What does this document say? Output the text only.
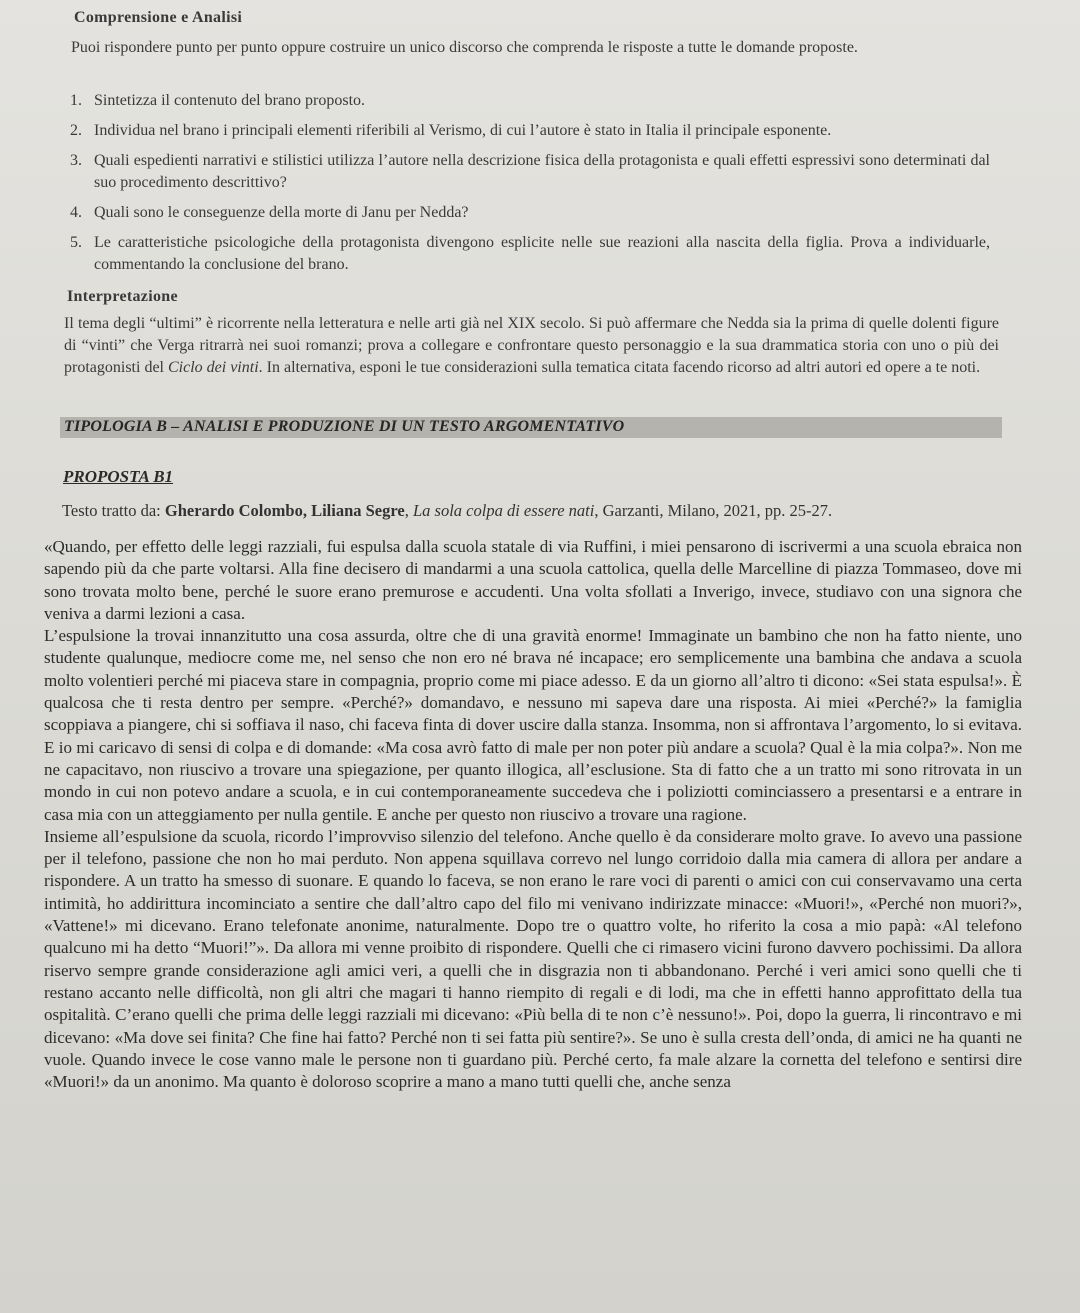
Comprensione e Analisi
Puoi rispondere punto per punto oppure costruire un unico discorso che comprenda le risposte a tutte le domande proposte.
1. Sintetizza il contenuto del brano proposto.
2. Individua nel brano i principali elementi riferibili al Verismo, di cui l’autore è stato in Italia il principale esponente.
3. Quali espedienti narrativi e stilistici utilizza l’autore nella descrizione fisica della protagonista e quali effetti espressivi sono determinati dal suo procedimento descrittivo?
4. Quali sono le conseguenze della morte di Janu per Nedda?
5. Le caratteristiche psicologiche della protagonista divengono esplicite nelle sue reazioni alla nascita della figlia. Prova a individuarle, commentando la conclusione del brano.
Interpretazione
Il tema degli “ultimi” è ricorrente nella letteratura e nelle arti già nel XIX secolo. Si può affermare che Nedda sia la prima di quelle dolenti figure di “vinti” che Verga ritrarrà nei suoi romanzi; prova a collegare e confrontare questo personaggio e la sua drammatica storia con uno o più dei protagonisti del Ciclo dei vinti. In alternativa, esponi le tue considerazioni sulla tematica citata facendo ricorso ad altri autori ed opere a te noti.
TIPOLOGIA B – ANALISI E PRODUZIONE DI UN TESTO ARGOMENTATIVO
PROPOSTA B1
Testo tratto da: Gherardo Colombo, Liliana Segre, La sola colpa di essere nati, Garzanti, Milano, 2021, pp. 25-27.

«Quando, per effetto delle leggi razziali, fui espulsa dalla scuola statale di via Ruffini, i miei pensarono di iscrivermi a una scuola ebraica non sapendo più da che parte voltarsi. Alla fine decisero di mandarmi a una scuola cattolica, quella delle Marcelline di piazza Tommaseo, dove mi sono trovata molto bene, perché le suore erano premurose e accudenti. Una volta sfollati a Inverigo, invece, studiavo con una signora che veniva a darmi lezioni a casa.

L’espulsione la trovai innanzitutto una cosa assurda, oltre che di una gravità enorme! Immaginate un bambino che non ha fatto niente, uno studente qualunque, mediocre come me, nel senso che non ero né brava né incapace; ero semplicemente una bambina che andava a scuola molto volentieri perché mi piaceva stare in compagnia, proprio come mi piace adesso. E da un giorno all’altro ti dicono: «Sei stata espulsa!». È qualcosa che ti resta dentro per sempre. «Perché?» domandavo, e nessuno mi sapeva dare una risposta. Ai miei «Perché?» la famiglia scoppiava a piangere, chi si soffiava il naso, chi faceva finta di dover uscire dalla stanza. Insomma, non si affrontava l’argomento, lo si evitava. E io mi caricavo di sensi di colpa e di domande: «Ma cosa avrò fatto di male per non poter più andare a scuola? Qual è la mia colpa?». Non me ne capacitavo, non riuscivo a trovare una spiegazione, per quanto illogica, all’esclusione. Sta di fatto che a un tratto mi sono ritrovata in un mondo in cui non potevo andare a scuola, e in cui contemporaneamente succedeva che i poliziotti cominciassero a presentarsi e a entrare in casa mia con un atteggiamento per nulla gentile. E anche per questo non riuscivo a trovare una ragione.

Insieme all’espulsione da scuola, ricordo l’improvviso silenzio del telefono. Anche quello è da considerare molto grave. Io avevo una passione per il telefono, passione che non ho mai perduto. Non appena squillava correvo nel lungo corridoio dalla mia camera di allora per andare a rispondere. A un tratto ha smesso di suonare. E quando lo faceva, se non erano le rare voci di parenti o amici con cui conservavamo una certa intimità, ho addirittura incominciato a sentire che dall’altro capo del filo mi venivano indirizzate minacce: «Muori!», «Perché non muori?», «Vattene!» mi dicevano. Erano telefonate anonime, naturalmente. Dopo tre o quattro volte, ho riferito la cosa a mio papà: «Al telefono qualcuno mi ha detto “Muori!”». Da allora mi venne proibito di rispondere. Quelli che ci rimasero vicini furono davvero pochissimi. Da allora riservo sempre grande considerazione agli amici veri, a quelli che in disgrazia non ti abbandonano. Perché i veri amici sono quelli che ti restano accanto nelle difficoltà, non gli altri che magari ti hanno riempito di regali e di lodi, ma che in effetti hanno approfittato della tua ospitalità. C’erano quelli che prima delle leggi razziali mi dicevano: «Più bella di te non c’è nessuno!». Poi, dopo la guerra, li rincontravo e mi dicevano: «Ma dove sei finita? Che fine hai fatto? Perché non ti sei fatta più sentire?». Se uno è sulla cresta dell’onda, di amici ne ha quanti ne vuole. Quando invece le cose vanno male le persone non ti guardano più. Perché certo, fa male alzare la cornetta del telefono e sentirsi dire «Muori!» da un anonimo. Ma quanto è doloroso scoprire a mano a mano tutti quelli che, anche senza
